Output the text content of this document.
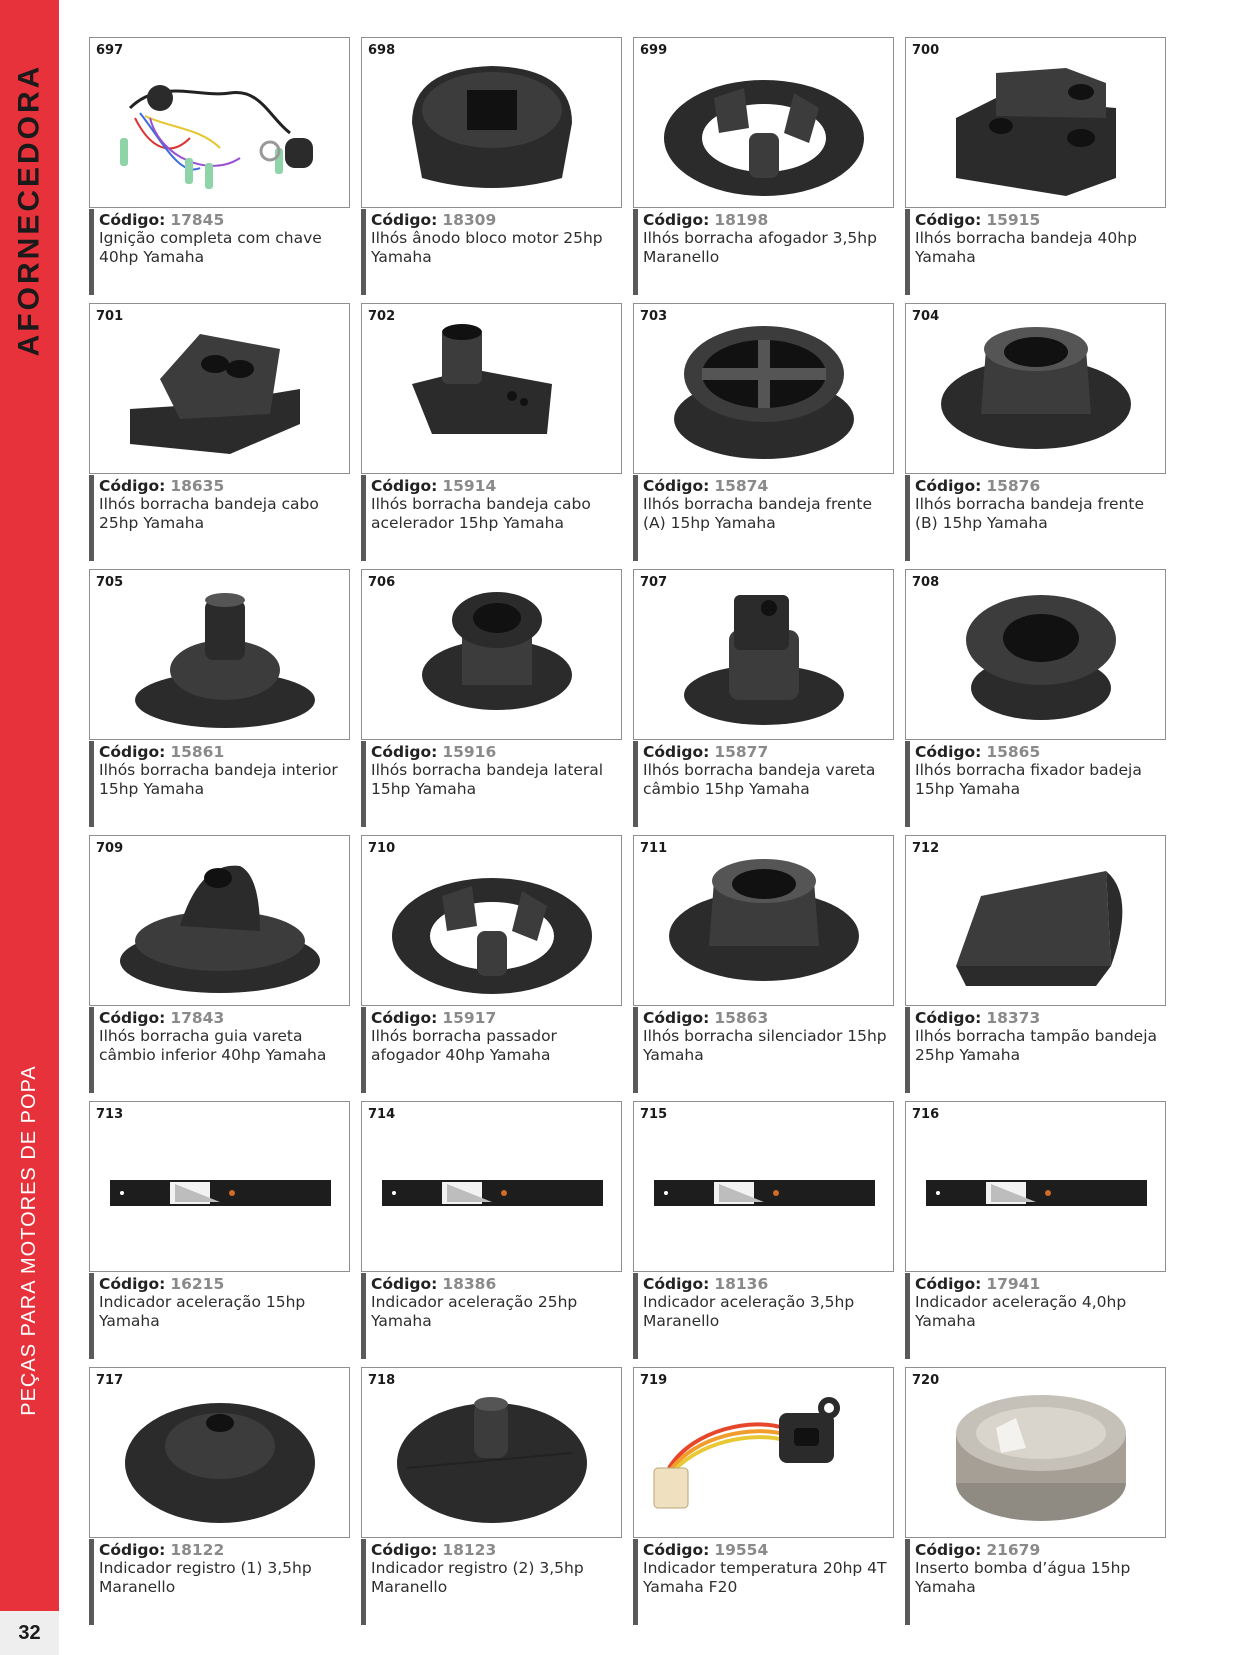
AFORNECEDORA
PEÇAS PARA MOTORES DE POPA
32
697
Código: 17845
Ignição completa com chave 40hp Yamaha
698
Código: 18309
Ilhós ânodo bloco motor 25hp Yamaha
699
Código: 18198
Ilhós borracha afogador 3,5hp Maranello
700
Código: 15915
Ilhós borracha bandeja 40hp Yamaha
701
Código: 18635
Ilhós borracha bandeja cabo 25hp Yamaha
702
Código: 15914
Ilhós borracha bandeja cabo acelerador 15hp Yamaha
703
Código: 15874
Ilhós borracha bandeja frente (A) 15hp Yamaha
704
Código: 15876
Ilhós borracha bandeja frente (B) 15hp Yamaha
705
Código: 15861
Ilhós borracha bandeja interior 15hp Yamaha
706
Código: 15916
Ilhós borracha bandeja lateral 15hp Yamaha
707
Código: 15877
Ilhós borracha bandeja vareta câmbio 15hp Yamaha
708
Código: 15865
Ilhós borracha fixador badeja 15hp Yamaha
709
Código: 17843
Ilhós borracha guia vareta câmbio inferior 40hp Yamaha
710
Código: 15917
Ilhós borracha passador afogador 40hp Yamaha
711
Código: 15863
Ilhós borracha silenciador 15hp Yamaha
712
Código: 18373
Ilhós borracha tampão bandeja 25hp Yamaha
713
Código: 16215
Indicador aceleração 15hp Yamaha
714
Código: 18386
Indicador aceleração 25hp Yamaha
715
Código: 18136
Indicador aceleração 3,5hp Maranello
716
Código: 17941
Indicador aceleração 4,0hp Yamaha
717
Código: 18122
Indicador registro (1) 3,5hp Maranello
718
Código: 18123
Indicador registro (2) 3,5hp Maranello
719
Código: 19554
Indicador temperatura 20hp 4T Yamaha F20
720
Código: 21679
Inserto bomba d’água 15hp Yamaha
